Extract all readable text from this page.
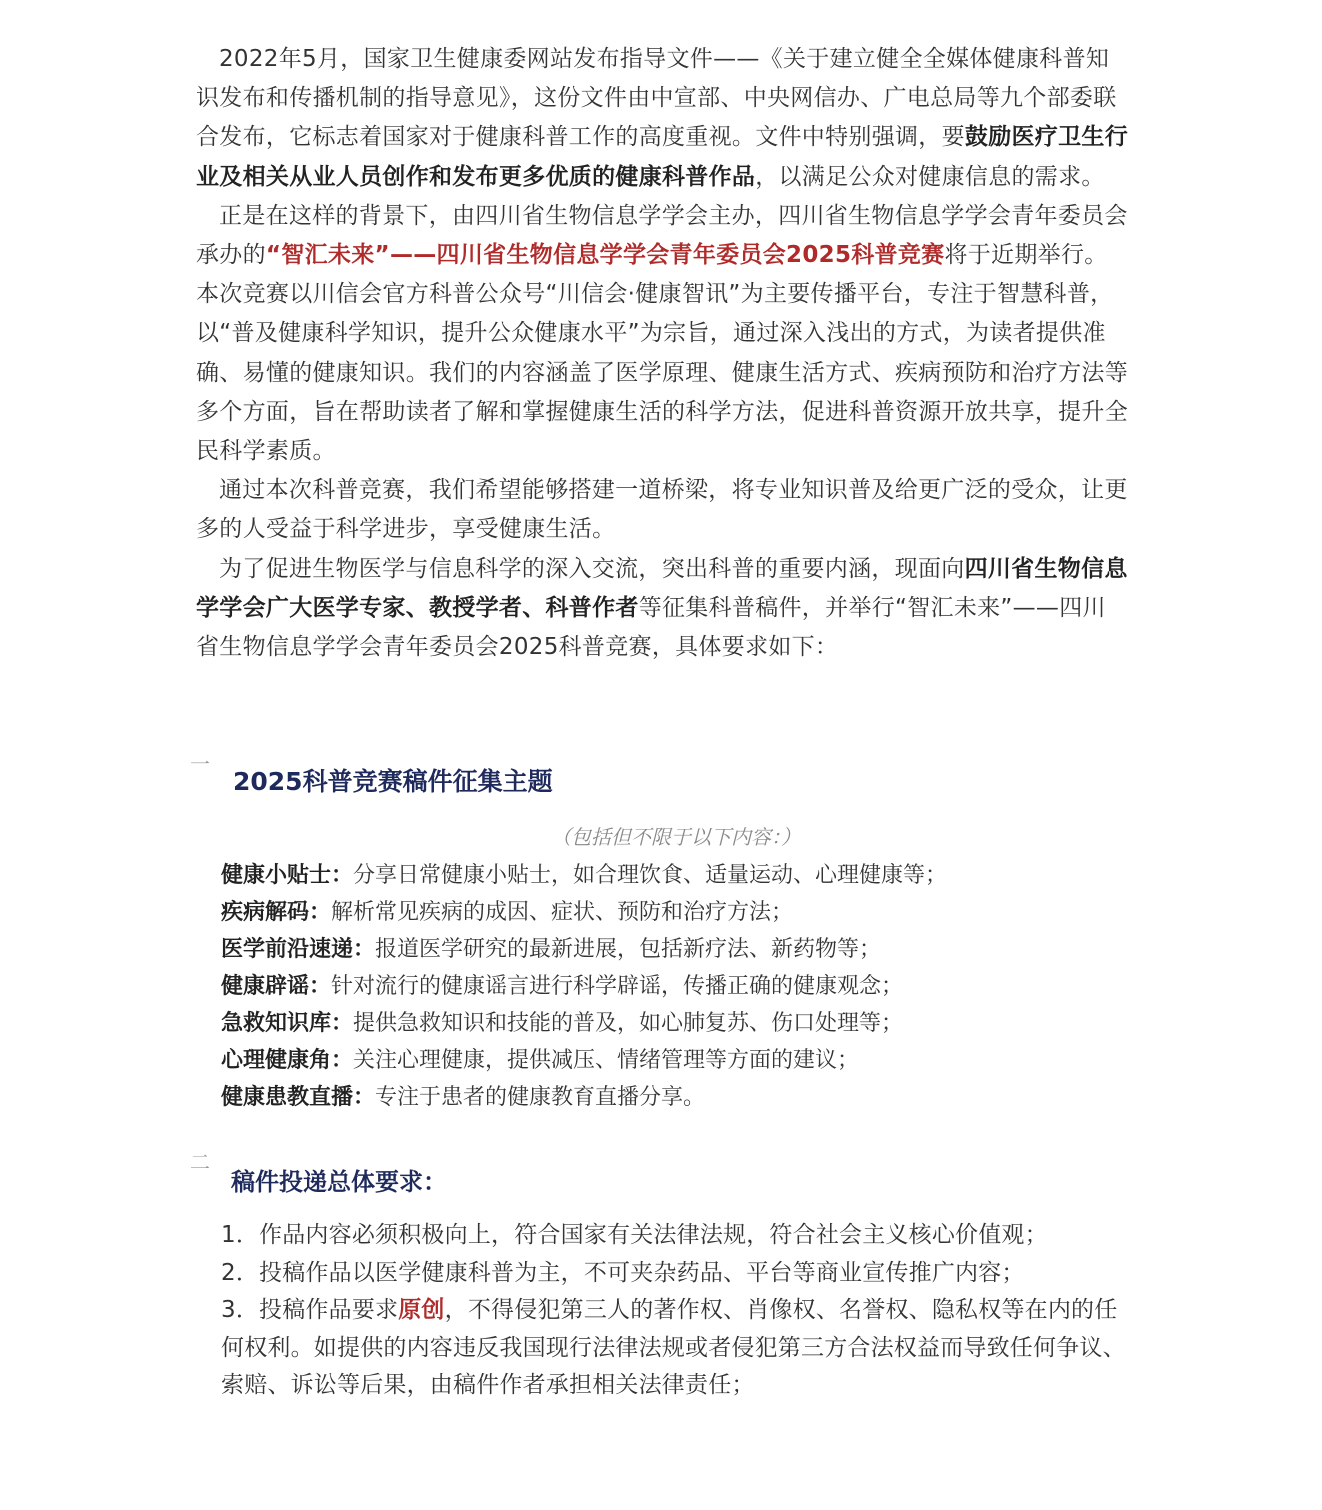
2022年5月，国家卫生健康委网站发布指导文件——《关于建立健全全媒体健康科普知识发布和传播机制的指导意见》，这份文件由中宣部、中央网信办、广电总局等九个部委联合发布，它标志着国家对于健康科普工作的高度重视。文件中特别强调，要鼓励医疗卫生行业及相关从业人员创作和发布更多优质的健康科普作品，以满足公众对健康信息的需求。

正是在这样的背景下，由四川省生物信息学学会主办，四川省生物信息学学会青年委员会承办的“智汇未来”——四川省生物信息学学会青年委员会2025科普竞赛将于近期举行。本次竞赛以川信会官方科普公众号“川信会·健康智讯”为主要传播平台，专注于智慧科普，以“普及健康科学知识，提升公众健康水平”为宗旨，通过深入浅出的方式，为读者提供准确、易懂的健康知识。我们的内容涵盖了医学原理、健康生活方式、疾病预防和治疗方法等多个方面，旨在帮助读者了解和掌握健康生活的科学方法，促进科普资源开放共享，提升全民科学素质。

通过本次科普竞赛，我们希望能够搭建一道桥梁，将专业知识普及给更广泛的受众，让更多的人受益于科学进步，享受健康生活。

为了促进生物医学与信息科学的深入交流，突出科普的重要内涵，现面向四川省生物信息学学会广大医学专家、教授学者、科普作者等征集科普稿件，并举行“智汇未来”——四川省生物信息学学会青年委员会2025科普竞赛，具体要求如下：

一
2025科普竞赛稿件征集主题
（包括但不限于以下内容：）
健康小贴士：分享日常健康小贴士，如合理饮食、适量运动、心理健康等；
疾病解码：解析常见疾病的成因、症状、预防和治疗方法；
医学前沿速递：报道医学研究的最新进展，包括新疗法、新药物等；
健康辟谣：针对流行的健康谣言进行科学辟谣，传播正确的健康观念；
急救知识库：提供急救知识和技能的普及，如心肺复苏、伤口处理等；
心理健康角：关注心理健康，提供减压、情绪管理等方面的建议；
健康患教直播：专注于患者的健康教育直播分享。
二
稿件投递总体要求：

1．作品内容必须积极向上，符合国家有关法律法规，符合社会主义核心价值观；

2．投稿作品以医学健康科普为主，不可夹杂药品、平台等商业宣传推广内容；

3．投稿作品要求原创，不得侵犯第三人的著作权、肖像权、名誉权、隐私权等在内的任何权利。如提供的内容违反我国现行法律法规或者侵犯第三方合法权益而导致任何争议、索赔、诉讼等后果，由稿件作者承担相关法律责任；
